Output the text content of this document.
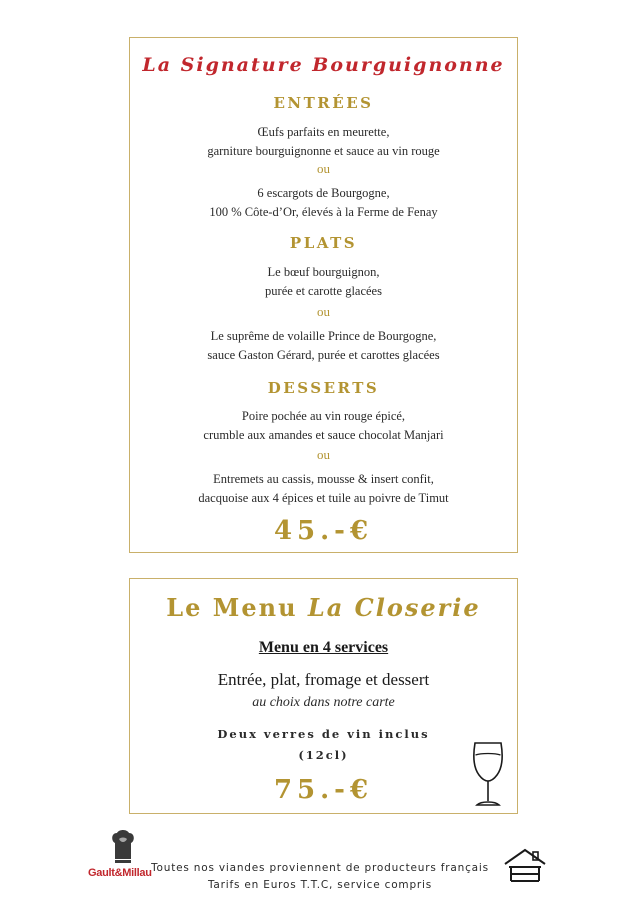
La Signature Bourguignonne
ENTRÉES
Œufs parfaits en meurette,
garniture bourguignonne et sauce au vin rouge
ou
6 escargots de Bourgogne,
100 % Côte-d’Or, élevés à la Ferme de Fenay
PLATS
Le bœuf bourguignon,
purée et carotte glacées
ou
Le suprême de volaille Prince de Bourgogne,
sauce Gaston Gérard, purée et carottes glacées
DESSERTS
Poire pochée au vin rouge épicé,
crumble aux amandes et sauce chocolat Manjari
ou
Entremets au cassis, mousse & insert confit,
dacquoise aux 4 épices et tuile au poivre de Timut
45.-€
Le Menu La Closerie
Menu en 4 services
Entrée, plat, fromage et dessert
au choix dans notre carte
Deux verres de vin inclus
(12cl)
75.-€
Gault&Millau Toutes nos viandes proviennent de producteurs français
Tarifs en Euros T.T.C, service compris
